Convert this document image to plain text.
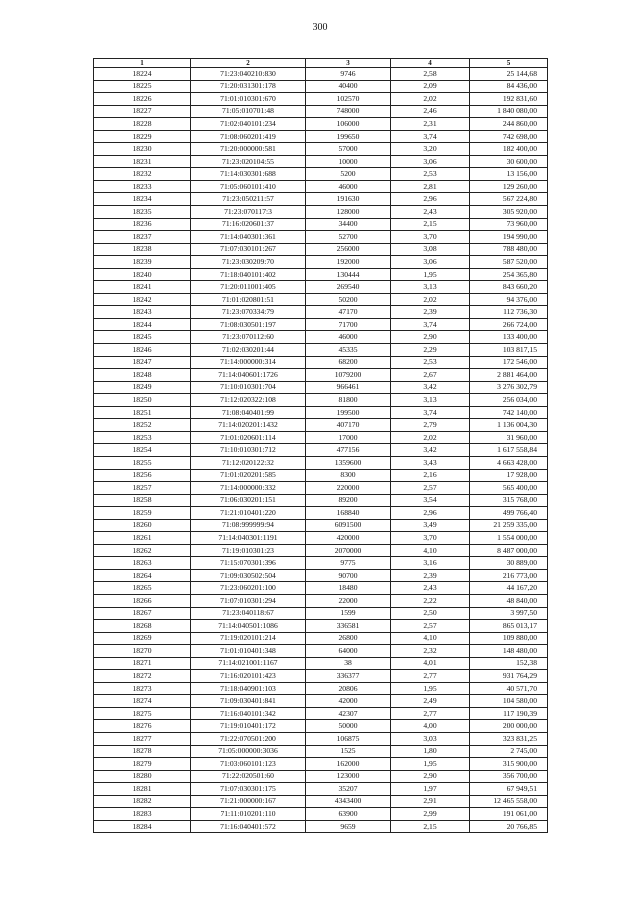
300
1	2	3	4	5
18224	71:23:040210:830	9746	2,58	25 144,68
18225	71:20:031301:178	40400	2,09	84 436,00
18226	71:01:010301:670	102570	2,02	192 831,60
18227	71:05:010701:48	748000	2,46	1 840 080,00
18228	71:02:040101:234	106000	2,31	244 860,00
18229	71:08:060201:419	199650	3,74	742 698,00
18230	71:20:000000:581	57000	3,20	182 400,00
18231	71:23:020104:55	10000	3,06	30 600,00
18232	71:14:030301:688	5200	2,53	13 156,00
18233	71:05:060101:410	46000	2,81	129 260,00
18234	71:23:050211:57	191630	2,96	567 224,80
18235	71:23:070117:3	128000	2,43	305 920,00
18236	71:16:020601:37	34400	2,15	73 960,00
18237	71:14:040301:361	52700	3,70	194 990,00
18238	71:07:030101:267	256000	3,08	788 480,00
18239	71:23:030209:70	192000	3,06	587 520,00
18240	71:18:040101:402	130444	1,95	254 365,80
18241	71:20:011001:405	269540	3,13	843 660,20
18242	71:01:020801:51	50200	2,02	94 376,00
18243	71:23:070334:79	47170	2,39	112 736,30
18244	71:08:030501:197	71700	3,74	266 724,00
18245	71:23:070112:60	46000	2,90	133 400,00
18246	71:02:030201:44	45335	2,29	103 817,15
18247	71:14:000000:314	68200	2,53	172 546,00
18248	71:14:040601:1726	1079200	2,67	2 881 464,00
18249	71:10:010301:704	966461	3,42	3 276 302,79
18250	71:12:020322:108	81800	3,13	256 034,00
18251	71:08:040401:99	199500	3,74	742 140,00
18252	71:14:020201:1432	407170	2,79	1 136 004,30
18253	71:01:020601:114	17000	2,02	31 960,00
18254	71:10:010301:712	477156	3,42	1 617 558,84
18255	71:12:020122:32	1359600	3,43	4 663 428,00
18256	71:01:020201:585	8300	2,16	17 928,00
18257	71:14:000000:332	220000	2,57	565 400,00
18258	71:06:030201:151	89200	3,54	315 768,00
18259	71:21:010401:220	168840	2,96	499 766,40
18260	71:08:999999:94	6091500	3,49	21 259 335,00
18261	71:14:040301:1191	420000	3,70	1 554 000,00
18262	71:19:010301:23	2070000	4,10	8 487 000,00
18263	71:15:070301:396	9775	3,16	30 889,00
18264	71:09:030502:504	90700	2,39	216 773,00
18265	71:23:060201:100	18480	2,43	44 167,20
18266	71:07:010301:294	22000	2,22	48 840,00
18267	71:23:040118:67	1599	2,50	3 997,50
18268	71:14:040501:1086	336581	2,57	865 013,17
18269	71:19:020101:214	26800	4,10	109 880,00
18270	71:01:010401:348	64000	2,32	148 480,00
18271	71:14:021001:1167	38	4,01	152,38
18272	71:16:020101:423	336377	2,77	931 764,29
18273	71:18:040901:103	20806	1,95	40 571,70
18274	71:09:030401:841	42000	2,49	104 580,00
18275	71:16:040101:342	42307	2,77	117 190,39
18276	71:19:010401:172	50000	4,00	200 000,00
18277	71:22:070501:200	106875	3,03	323 831,25
18278	71:05:000000:3036	1525	1,80	2 745,00
18279	71:03:060101:123	162000	1,95	315 900,00
18280	71:22:020501:60	123000	2,90	356 700,00
18281	71:07:030301:175	35207	1,97	67 949,51
18282	71:21:000000:167	4343400	2,91	12 465 558,00
18283	71:11:010201:110	63900	2,99	191 061,00
18284	71:16:040401:572	9659	2,15	20 766,85
